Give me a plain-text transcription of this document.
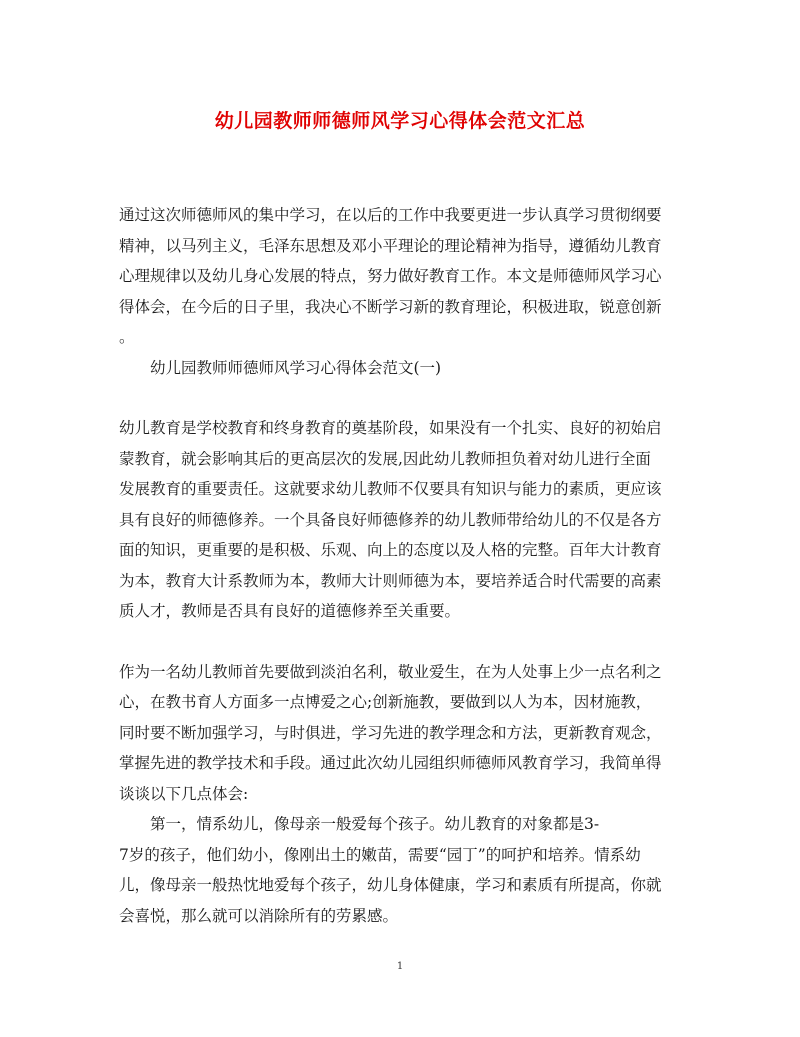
幼儿园教师师德师风学习心得体会范文汇总
通过这次师德师风的集中学习，在以后的工作中我要更进一步认真学习贯彻纲要
精神，以马列主义，毛泽东思想及邓小平理论的理论精神为指导，遵循幼儿教育
心理规律以及幼儿身心发展的特点，努力做好教育工作。本文是师德师风学习心
得体会，在今后的日子里，我决心不断学习新的教育理论，积极进取，锐意创新
。
幼儿园教师师德师风学习心得体会范文(一)
幼儿教育是学校教育和终身教育的奠基阶段，如果没有一个扎实、良好的初始启
蒙教育，就会影响其后的更高层次的发展,因此幼儿教师担负着对幼儿进行全面
发展教育的重要责任。这就要求幼儿教师不仅要具有知识与能力的素质，更应该
具有良好的师德修养。一个具备良好师德修养的幼儿教师带给幼儿的不仅是各方
面的知识，更重要的是积极、乐观、向上的态度以及人格的完整。百年大计教育
为本，教育大计系教师为本，教师大计则师德为本，要培养适合时代需要的高素
质人才，教师是否具有良好的道德修养至关重要。
作为一名幼儿教师首先要做到淡泊名利，敬业爱生，在为人处事上少一点名利之
心，在教书育人方面多一点博爱之心;创新施教，要做到以人为本，因材施教，
同时要不断加强学习，与时俱进，学习先进的教学理念和方法，更新教育观念，
掌握先进的教学技术和手段。通过此次幼儿园组织师德师风教育学习，我简单得
谈谈以下几点体会:
第一，情系幼儿，像母亲一般爱每个孩子。幼儿教育的对象都是3-
7岁的孩子，他们幼小，像刚出土的嫩苗，需要“园丁”的呵护和培养。情系幼
儿，像母亲一般热忱地爱每个孩子，幼儿身体健康，学习和素质有所提高，你就
会喜悦，那么就可以消除所有的劳累感。
1
